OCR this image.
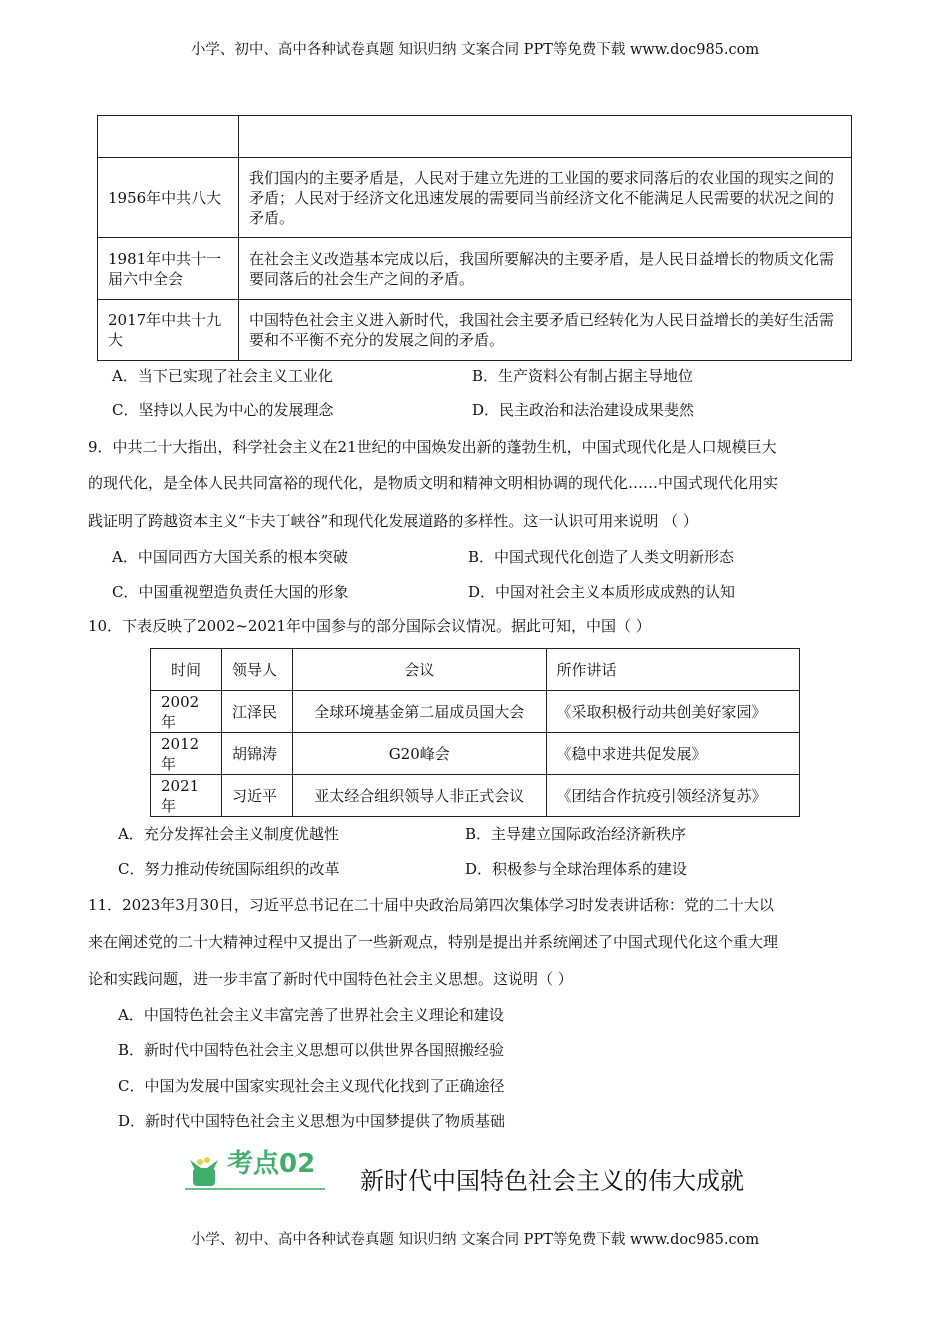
小学、初中、高中各种试卷真题 知识归纳 文案合同 PPT等免费下载 www.doc985.com

1956年中共八大	我们国内的主要矛盾是，人民对于建立先进的工业国的要求同落后的农业国的现实之间的矛盾；人民对于经济文化迅速发展的需要同当前经济文化不能满足人民需要的状况之间的矛盾。
1981年中共十一届六中全会	在社会主义改造基本完成以后，我国所要解决的主要矛盾，是人民日益增长的物质文化需要同落后的社会生产之间的矛盾。
2017年中共十九大	中国特色社会主义进入新时代，我国社会主要矛盾已经转化为人民日益增长的美好生活需要和不平衡不充分的发展之间的矛盾。
A．当下已实现了社会主义工业化	B．生产资料公有制占据主导地位
C．坚持以人民为中心的发展理念	D．民主政治和法治建设成果斐然
9．中共二十大指出，科学社会主义在21世纪的中国焕发出新的蓬勃生机，中国式现代化是人口规模巨大
的现代化，是全体人民共同富裕的现代化，是物质文明和精神文明相协调的现代化……中国式现代化用实
践证明了跨越资本主义“卡夫丁峡谷”和现代化发展道路的多样性。这一认识可用来说明 （ ）
A．中国同西方大国关系的根本突破	B．中国式现代化创造了人类文明新形态
C．中国重视塑造负责任大国的形象	D．中国对社会主义本质形成成熟的认知
10．下表反映了2002~2021年中国参与的部分国际会议情况。据此可知，中国（ ）
时间	领导人	会议	所作讲话
2002年	江泽民	全球环境基金第二届成员国大会	《采取积极行动共创美好家园》
2012年	胡锦涛	G20峰会	《稳中求进共促发展》
2021年	习近平	亚太经合组织领导人非正式会议	《团结合作抗疫引领经济复苏》
A．充分发挥社会主义制度优越性	B．主导建立国际政治经济新秩序
C．努力推动传统国际组织的改革	D．积极参与全球治理体系的建设
11．2023年3月30日，习近平总书记在二十届中央政治局第四次集体学习时发表讲话称：党的二十大以
来在阐述党的二十大精神过程中又提出了一些新观点，特别是提出并系统阐述了中国式现代化这个重大理
论和实践问题，进一步丰富了新时代中国特色社会主义思想。这说明（ ）
A．中国特色社会主义丰富完善了世界社会主义理论和建设
B．新时代中国特色社会主义思想可以供世界各国照搬经验
C．中国为发展中国家实现社会主义现代化找到了正确途径
D．新时代中国特色社会主义思想为中国梦提供了物质基础
考点02
新时代中国特色社会主义的伟大成就
小学、初中、高中各种试卷真题 知识归纳 文案合同 PPT等免费下载 www.doc985.com
